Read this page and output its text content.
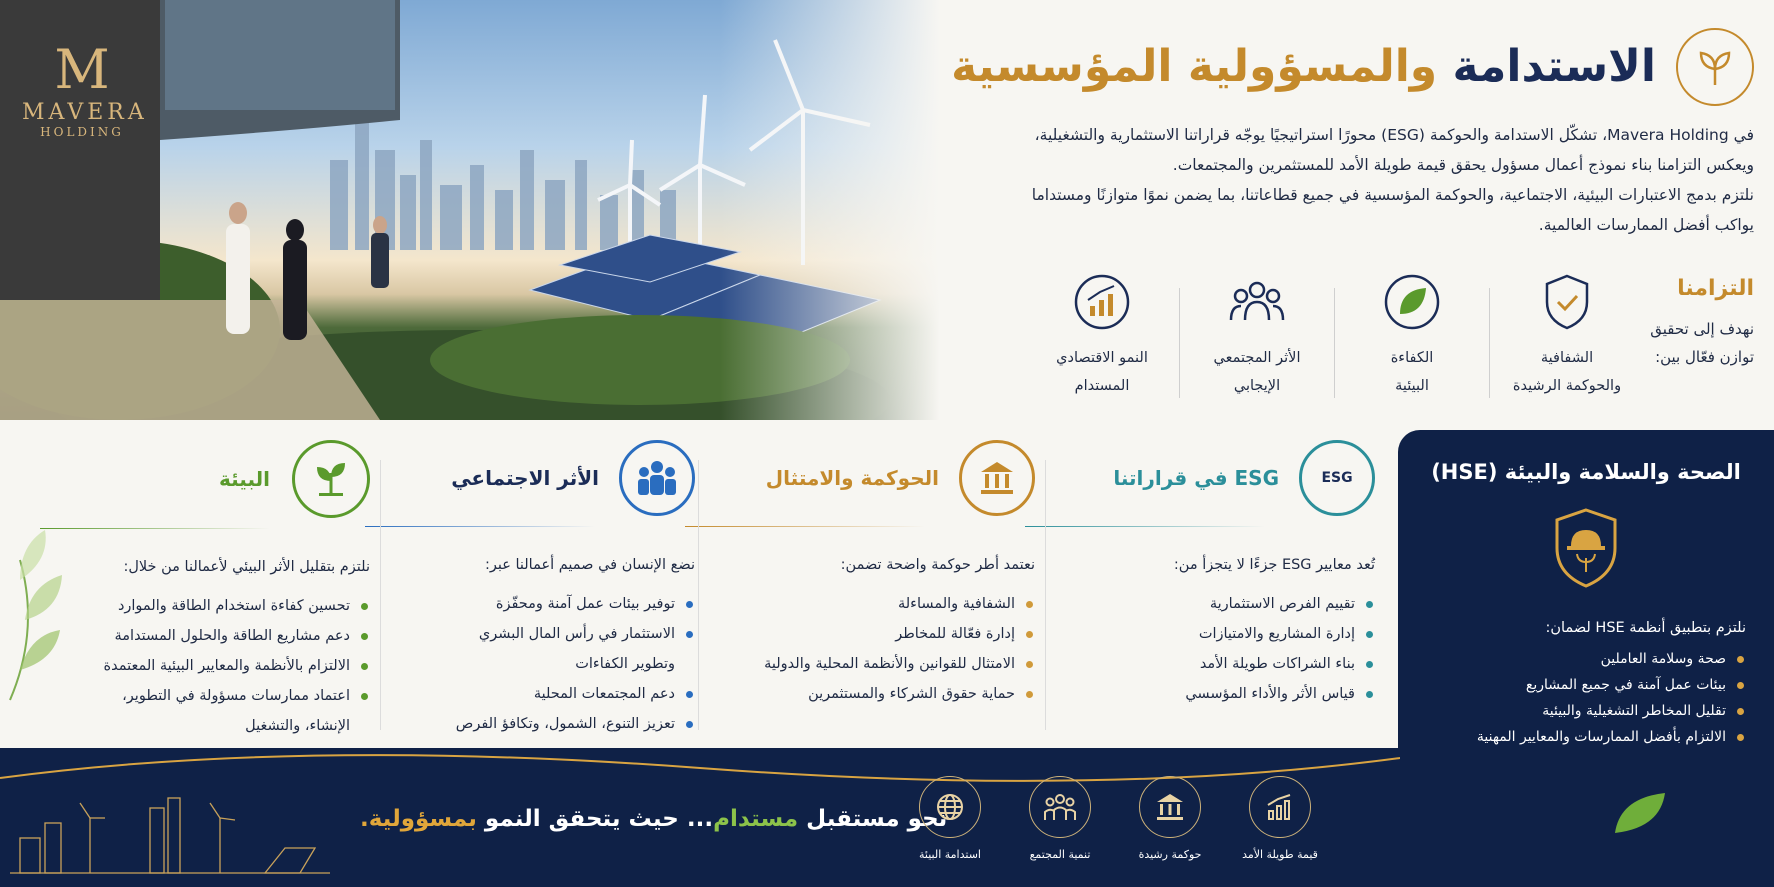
M
MAVERA
HOLDING
الاستدامة والمسؤولية المؤسسية
في Mavera Holding، تشكّل الاستدامة والحوكمة (ESG) محورًا استراتيجيًا يوجّه قراراتنا الاستثمارية والتشغيلية،
ويعكس التزامنا بناء نموذج أعمال مسؤول يحقق قيمة طويلة الأمد للمستثمرين والمجتمعات.
نلتزم بدمج الاعتبارات البيئية، الاجتماعية، والحوكمة المؤسسية في جميع قطاعاتنا، بما يضمن نموًا متوازنًا ومستداما
يواكب أفضل الممارسات العالمية.
التزامنا
نهدف إلى تحقيق
توازن فعّال بين:
الشفافية
والحوكمة الرشيدة
الكفاءة
البيئية
الأثر المجتمعي
الإيجابي
النمو الاقتصادي
المستدام
ESG
ESG في قراراتنا
تُعد معايير ESG جزءًا لا يتجزأ من:
تقييم الفرص الاستثمارية
إدارة المشاريع والامتيازات
بناء الشراكات طويلة الأمد
قياس الأثر والأداء المؤسسي
الحوكمة والامتثال
نعتمد أطر حوكمة واضحة تضمن:
الشفافية والمساءلة
إدارة فعّالة للمخاطر
الامتثال للقوانين والأنظمة المحلية والدولية
حماية حقوق الشركاء والمستثمرين
الأثر الاجتماعي
نضع الإنسان في صميم أعمالنا عبر:
توفير بيئات عمل آمنة ومحفّزة
الاستثمار في رأس المال البشري
وتطوير الكفاءات
دعم المجتمعات المحلية
تعزيز التنوع، الشمول، وتكافؤ الفرص
البيئة
نلتزم بتقليل الأثر البيئي لأعمالنا من خلال:
تحسين كفاءة استخدام الطاقة والموارد
دعم مشاريع الطاقة والحلول المستدامة
الالتزام بالأنظمة والمعايير البيئية المعتمدة
اعتماد ممارسات مسؤولة في التطوير،
الإنشاء، والتشغيل
الصحة والسلامة والبيئة (HSE)
نلتزم بتطبيق أنظمة HSE لضمان:
صحة وسلامة العاملين
بيئات عمل آمنة في جميع المشاريع
تقليل المخاطر التشغيلية والبيئية
الالتزام بأفضل الممارسات والمعايير المهنية
نحو مستقبل مستدام... حيث يتحقق النمو بمسؤولية.
قيمة طويلة الأمد
حوكمة رشيدة
تنمية المجتمع
استدامة البيئة
